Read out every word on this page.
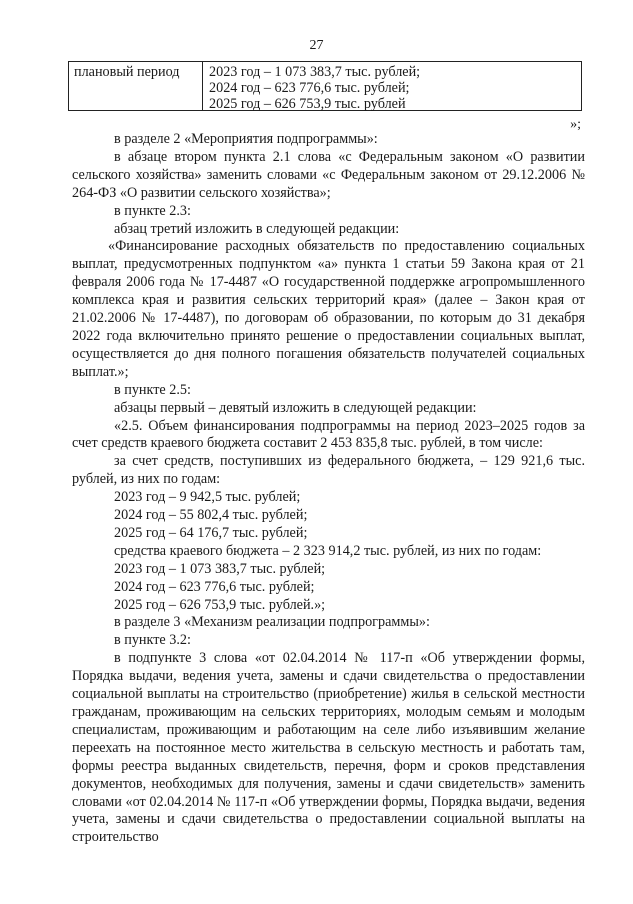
27
плановый период	2023 год – 1 073 383,7 тыс. рублей;
2024 год – 623 776,6 тыс. рублей;
2025 год – 626 753,9 тыс. рублей
»;

в разделе 2 «Мероприятия подпрограммы»:

в абзаце втором пункта 2.1 слова «с Федеральным законом «О развитии сельского хозяйства» заменить словами «с Федеральным законом от 29.12.2006 № 264-ФЗ «О развитии сельского хозяйства»;

в пункте 2.3:

абзац третий изложить в следующей редакции:

«Финансирование расходных обязательств по предоставлению социальных выплат, предусмотренных подпунктом «а» пункта 1 статьи 59 Закона края от 21 февраля 2006 года № 17-4487 «О государственной поддержке агропромышленного комплекса края и развития сельских территорий края» (далее – Закон края от 21.02.2006 № 17-4487), по договорам об образовании, по которым до 31 декабря 2022 года включительно принято решение о предоставлении социальных выплат, осуществляется до дня полного погашения обязательств получателей социальных выплат.»;

в пункте 2.5:

абзацы первый – девятый изложить в следующей редакции:

«2.5. Объем финансирования подпрограммы на период 2023–2025 годов за счет средств краевого бюджета составит 2 453 835,8 тыс. рублей, в том числе:

за счет средств, поступивших из федерального бюджета, – 129 921,6 тыс. рублей, из них по годам:

2023 год – 9 942,5 тыс. рублей;

2024 год – 55 802,4 тыс. рублей;

2025 год – 64 176,7 тыс. рублей;

средства краевого бюджета – 2 323 914,2 тыс. рублей, из них по годам:

2023 год – 1 073 383,7 тыс. рублей;

2024 год – 623 776,6 тыс. рублей;

2025 год – 626 753,9 тыс. рублей.»;

в разделе 3 «Механизм реализации подпрограммы»:

в пункте 3.2:

в подпункте 3 слова «от 02.04.2014 № 117-п «Об утверждении формы, Порядка выдачи, ведения учета, замены и сдачи свидетельства о предоставлении социальной выплаты на строительство (приобретение) жилья в сельской местности гражданам, проживающим на сельских территориях, молодым семьям и молодым специалистам, проживающим и работающим на селе либо изъявившим желание переехать на постоянное место жительства в сельскую местность и работать там, формы реестра выданных свидетельств, перечня, форм и сроков представления документов, необходимых для получения, замены и сдачи свидетельств» заменить словами «от 02.04.2014 № 117-п «Об утверждении формы, Порядка выдачи, ведения учета, замены и сдачи свидетельства о предоставлении социальной выплаты на строительство
